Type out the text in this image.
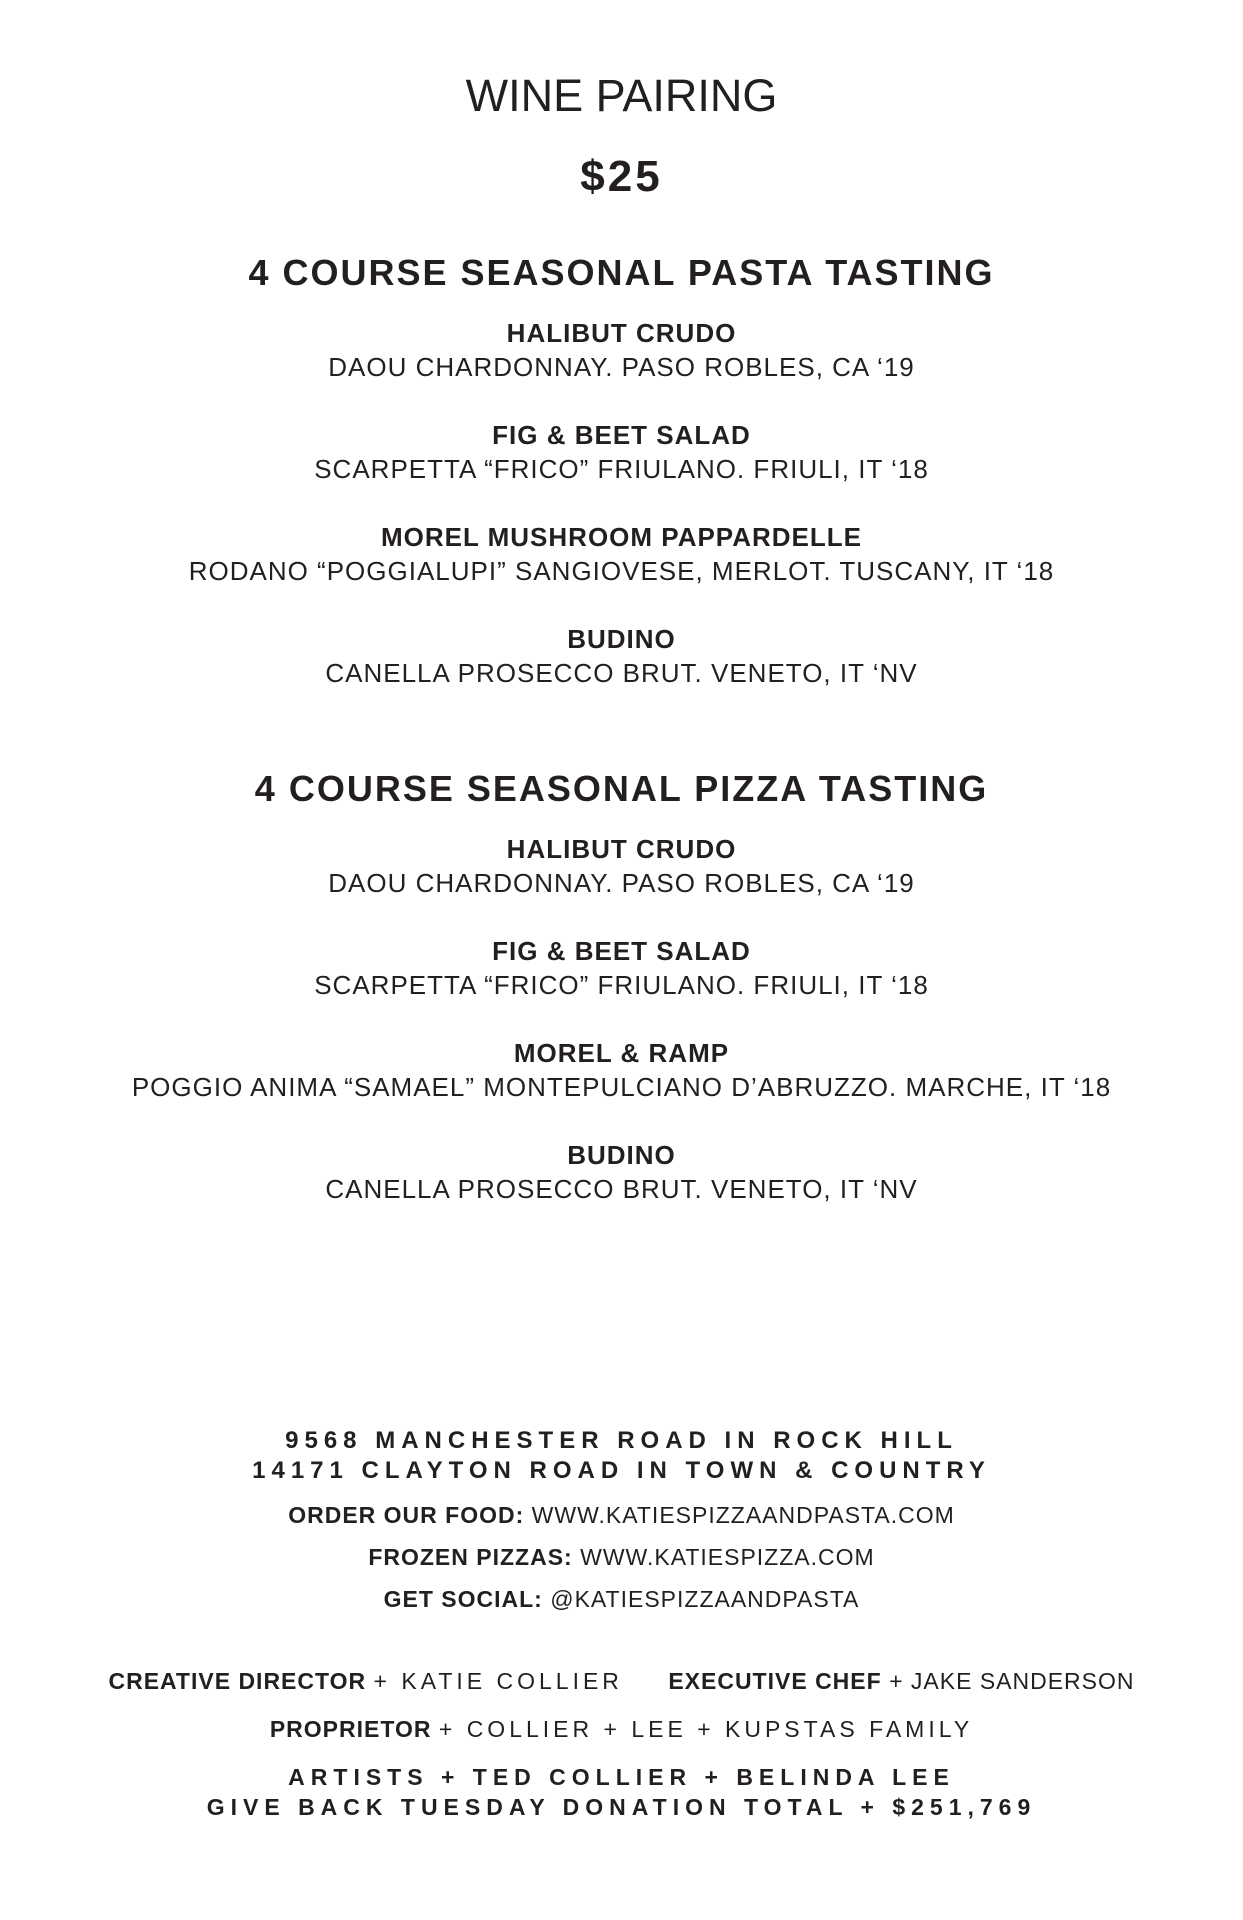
WINE PAIRING
$25
4 COURSE SEASONAL PASTA TASTING
HALIBUT CRUDO
DAOU CHARDONNAY. PASO ROBLES, CA ‘19
FIG & BEET SALAD
SCARPETTA “FRICO” FRIULANO. FRIULI, IT ‘18
MOREL MUSHROOM PAPPARDELLE
RODANO “POGGIALUPI” SANGIOVESE, MERLOT. TUSCANY, IT ‘18
BUDINO
CANELLA PROSECCO BRUT. VENETO, IT ‘NV
4 COURSE SEASONAL PIZZA TASTING
HALIBUT CRUDO
DAOU CHARDONNAY. PASO ROBLES, CA ‘19
FIG & BEET SALAD
SCARPETTA “FRICO” FRIULANO. FRIULI, IT ‘18
MOREL & RAMP
POGGIO ANIMA “SAMAEL” MONTEPULCIANO D’ABRUZZO. MARCHE, IT ‘18
BUDINO
CANELLA PROSECCO BRUT. VENETO, IT ‘NV
9568 MANCHESTER ROAD IN ROCK HILL
14171 CLAYTON ROAD IN TOWN & COUNTRY
ORDER OUR FOOD: WWW.KATIESPIZZAANDPASTA.COM
FROZEN PIZZAS: WWW.KATIESPIZZA.COM
GET SOCIAL: @KATIESPIZZAANDPASTA
CREATIVE DIRECTOR + KATIE COLLIER EXECUTIVE CHEF + JAKE SANDERSON
PROPRIETOR + COLLIER + LEE + KUPSTAS FAMILY
ARTISTS + TED COLLIER + BELINDA LEE
GIVE BACK TUESDAY DONATION TOTAL + $251,769
